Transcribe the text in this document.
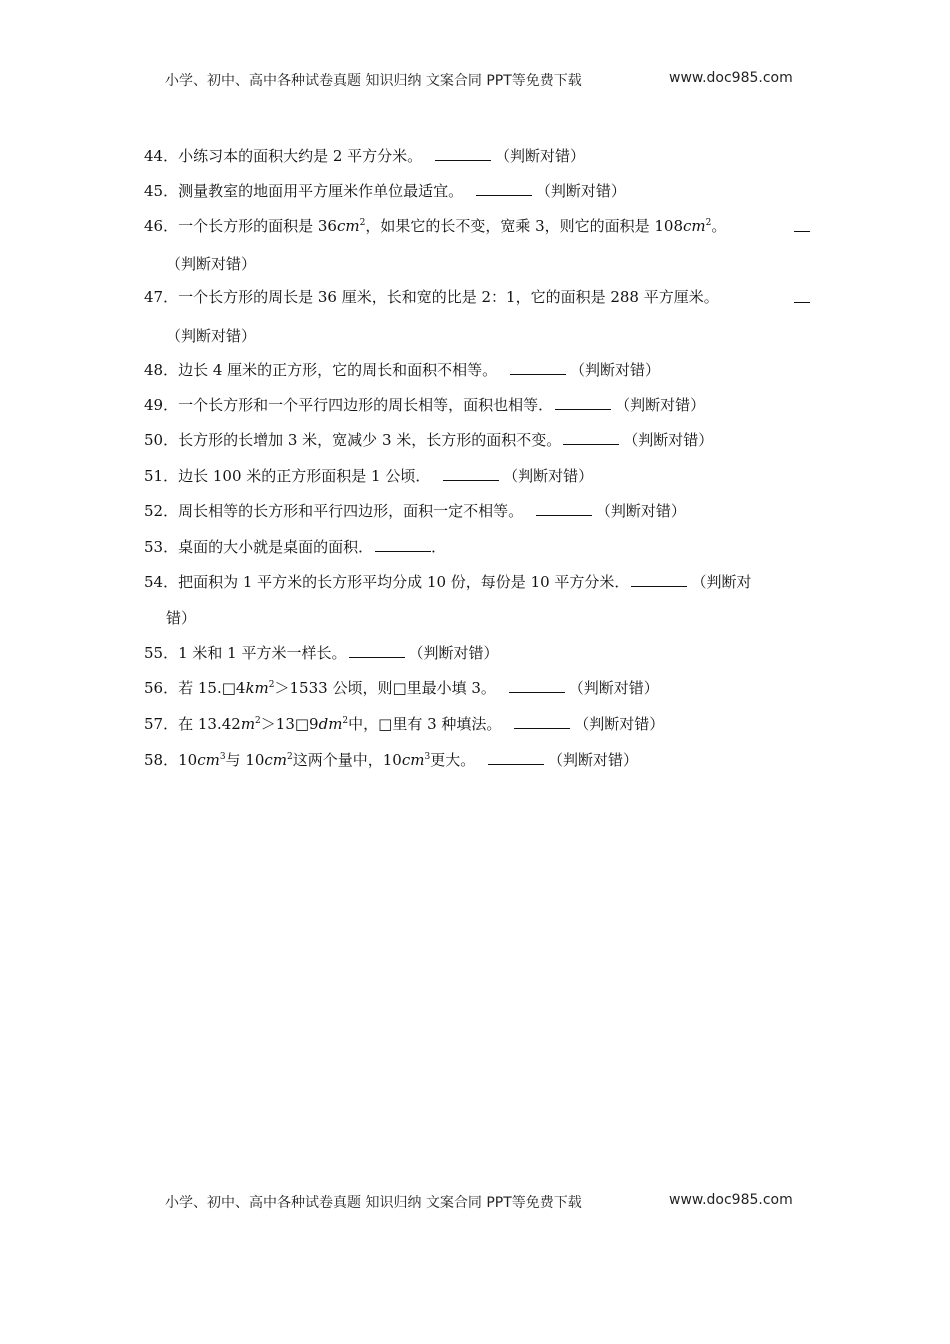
小学、初中、高中各种试卷真题 知识归纳 文案合同 PPT等免费下载	www.doc985.com
44．小练习本的面积大约是 2 平方分米。	（判断对错）
45．测量教室的地面用平方厘米作单位最适宜。	（判断对错）
46．一个长方形的面积是 $36cm^2$，如果它的长不变，宽乘 3，则它的面积是 $108cm^2$。
（判断对错）
47．一个长方形的周长是 36 厘米，长和宽的比是 2：1，它的面积是 288 平方厘米。
（判断对错）
48．边长 4 厘米的正方形，它的周长和面积不相等。	（判断对错）
49．一个长方形和一个平行四边形的周长相等，面积也相等．	（判断对错）
50．长方形的长增加 3 米，宽减少 3 米，长方形的面积不变。	（判断对错）
51．边长 100 米的正方形面积是 1 公顷．	（判断对错）
52．周长相等的长方形和平行四边形，面积一定不相等。	（判断对错）
53．桌面的大小就是桌面的面积．	．
54．把面积为 1 平方米的长方形平均分成 10 份，每份是 10 平方分米．	（判断对
错）
55．1 米和 1 平方米一样长。	（判断对错）
56．若 $15.□4km^2>1533$ 公顷，则□里最小填 3。	（判断对错）
57．在 $13.42m^2>13□9dm^2$中，□里有 3 种填法。	（判断对错）
58．$10cm^3$与 $10cm^2$这两个量中，$10cm^3$更大。	（判断对错）
小学、初中、高中各种试卷真题 知识归纳 文案合同 PPT等免费下载	www.doc985.com
